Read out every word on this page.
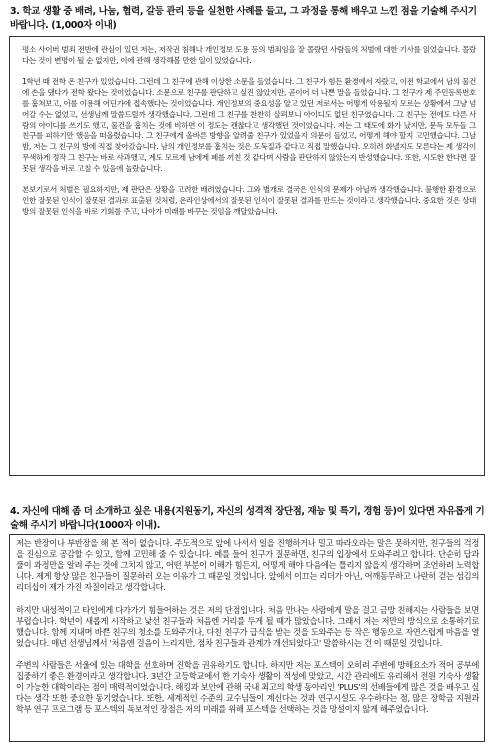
3. 학교 생활 중 배려, 나눔, 협력, 갈등 관리 등을 실천한 사례를 들고, 그 과정을 통해 배우고 느낀 점을 기술해 주시기 바랍니다. (1,000자 이내)

평소 사이버 범죄 전반에 관심이 있던 저는, 저작권 침해나 개인정보 도용 등의 범죄임을 잘 몰랐던 사람들의 처벌에 대한 기사를 읽었습니다. 몰랐다는 것이 변명이 될 순 없지만, 이에 관해 생각해볼 만한 일이 있었습니다.

1학년 때 전학 온 친구가 있었습니다. 그런데 그 친구에 관해 이상한 소문을 들었습니다. 그 친구가 힘든 환경에서 자랐고, 이전 학교에서 남의 물건에 손을 댔다가 전학 왔다는 것이었습니다. 소문으로 친구를 판단하고 싶진 않았지만, 곧이어 더 나쁜 말을 들었습니다. 그 친구가 제 주민등록번호를 훔쳐보고, 이를 이용해 어딘가에 접속했다는 것이었습니다. 개인정보의 중요성을 알고 있던 저로서는 어떻게 악용될지 모르는 상황에서 그냥 넘어갈 수는 없었고, 선생님께 말씀드릴까 생각했습니다. 그런데 그 친구를 찬찬히 살펴보니 아이디도 없던 친구였습니다. 그 친구는 전에도 다른 사람의 아이디를 쓰기도 했고, 물건을 훔치는 것에 비하면 이 정도는 괜찮다고 생각했던 것이었습니다. 저는 그 태도에 화가 났지만, 문득 모두들 그 친구를 피하기만 했음을 떠올렸습니다. 그 친구에게 올바른 방향을 알려줄 친구가 있었을지 의문이 들었고, 어떻게 해야 할지 고민했습니다. 그날 밤, 저는 그 친구의 방에 직접 찾아갔습니다. 남의 개인정보를 훔치는 것은 도둑질과 같다고 직접 말했습니다. 오히려 화낼지도 모른다는 제 생각이 무색하게 정작 그 친구는 바로 사과했고, 계도 모르게 남에게 폐를 끼친 것 같다며 사람을 판단하지 않았는지 반성했습니다. 또한, 시도한 한다면 잘못된 생각을 바로 고칠 수 있음에 놀랐습니다.

본보기로서 처벌은 필요하지만, 제 판단은 상황을 고려한 배려였습니다. 그와 별개로 결국은 인식의 문제가 아닐까 생각했습니다. 불행한 환경으로 인한 잘못된 인식이 잘못된 결과로 표출된 것처럼, 온라인상에서의 잘못된 인식이 잘못된 결과를 만드는 것이라고 생각했습니다. 중요한 것은 상대방의 잘못된 인식을 바로 기회를 주고, 나아가 미래를 바꾸는 것임을 깨달았습니다.

4. 자신에 대해 좀 더 소개하고 싶은 내용(지원동기, 자신의 성격적 장단점, 재능 및 특기, 경험 등)이 있다면 자유롭게 기술해 주시기 바랍니다(1000자 이내).

저는 반장이나 부반장을 해 본 적이 없습니다. 주도적으로 앞에 나서서 일을 진행하거나 밀고 따라오라는 말은 못하지만, 친구들의 걱정을 진심으로 공감할 수 있고, 함께 고민해 줄 수 있습니다. 예를 들어 친구가 질문하면, 친구의 입장에서 도와주려고 합니다. 단순히 답과 풀이 과정만을 알려 주는 것에 그치지 않고, 어떤 부분이 이해가 힘든지, 어떻게 해야 다음에는 틀리지 않을지 생각하며 조언하려 노력합니다. 제게 항상 많은 친구들이 질문하러 오는 이유가 그 때문일 것입니다. 앞에서 이끄는 리더가 아닌, 어깨동무하고 나란히 걷는 섬김의 리더십이 제가 가진 자질이라고 생각합니다.

하지만 내성적이고 타인에게 다가가기 힘들어하는 것은 저의 단점입니다. 처음 만나는 사람에게 말을 걸고 금방 친해지는 사람들을 보면 부럽습니다. 학년이 새롭게 시작하고 낯선 친구들과 처음엔 거리를 두게 될 때가 많았습니다. 그래서 저는 저만의 방식으로 소통하기로 했습니다. 함께 지내며 바쁜 친구의 청소를 도와주거나, 다친 친구가 급식을 받는 것을 도와주는 등 작은 행동으로 자연스럽게 마음을 열었습니다. 매년 선생님께서 '처음엔 걸음이 느리지만, 점차 친구들과 관계가 개선되었다고' 말씀하시는 건 이 때문일 것입니다.

주변의 사람들은 서울에 있는 대학을 선호하며 진학을 권유하기도 합니다. 하지만 저는 포스텍이 오히려 주변에 방해요소가 적어 공부에 집중하기 좋은 환경이라고 생각합니다. 3년간 고등학교에서 한 기숙사 생활이 적성에 맞았고, 시간 관리에도 유리해서 전원 기숙사 생활이 가능한 대학이라는 점이 매력적이었습니다. 해킹과 보안에 관해 국내 최고의 학생 동아리인 'PLUS'의 선배들에게 많은 것을 배우고 싶다는 생각 또한 중요한 동기였습니다. 또한, 세계적인 수준의 교수님들이 계신다는 것과 연구시설도 우수하다는 점, 많은 장학금 지원과 학부 연구 프로그램 등 포스텍의 독보적인 장점은 저의 미래를 위해 포스텍을 선택하는 것을 망설이지 않게 해주었습니다.
